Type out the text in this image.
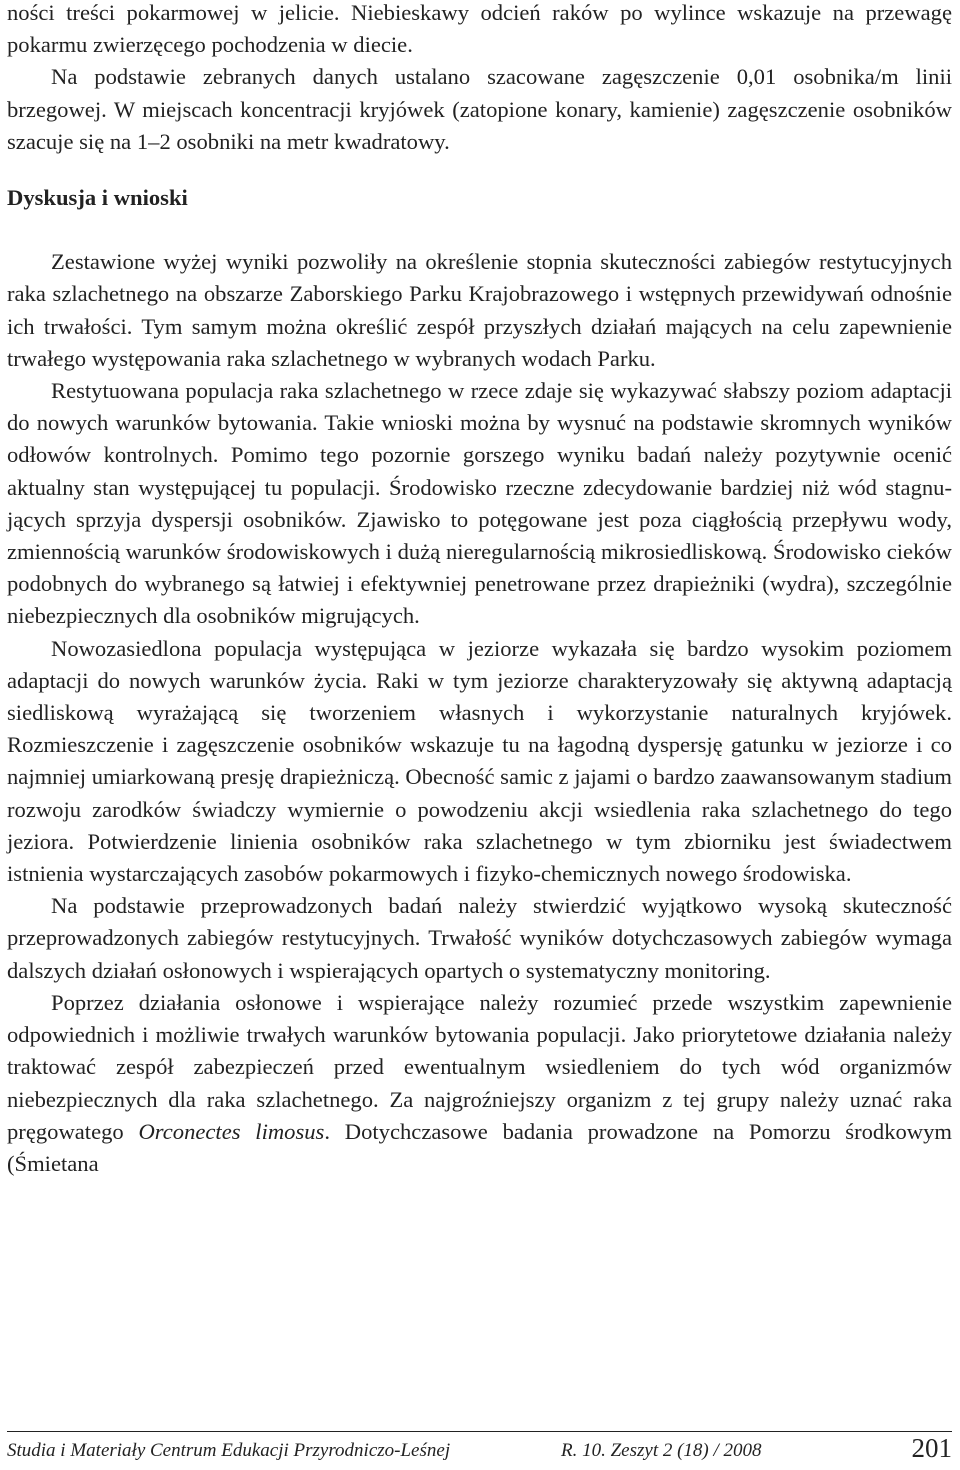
ności treści pokarmowej w jelicie. Niebieskawy odcień raków po wylince wskazuje na przewagę pokarmu zwierzęcego pochodzenia w diecie.

Na podstawie zebranych danych ustalano szacowane zagęszczenie 0,01 osobnika/m linii brzegowej. W miejscach koncentracji kryjówek (zatopione konary, kamienie) zagęszczenie osobników szacuje się na 1–2 osobniki na metr kwadratowy.

Dyskusja i wnioski

Zestawione wyżej wyniki pozwoliły na określenie stopnia skuteczności zabiegów restytucyjnych raka szlachetnego na obszarze Zaborskiego Parku Krajobrazowego i wstępnych przewidywań odnośnie ich trwałości. Tym samym można określić zespół przyszłych działań mających na celu zapewnienie trwałego występowania raka szlachetnego w wybranych wodach Parku.

Restytuowana populacja raka szlachetnego w rzece zdaje się wykazywać słabszy poziom adaptacji do nowych warunków bytowania. Takie wnioski można by wysnuć na podstawie skromnych wyników odłowów kontrolnych. Pomimo tego pozornie gorszego wyniku badań należy pozytywnie ocenić aktualny stan występującej tu populacji. Środowisko rzeczne zdecydowanie bardziej niż wód stagnujących sprzyja dyspersji osobników. Zjawisko to potęgowane jest poza ciągłością przepływu wody, zmiennością warunków środowiskowych i dużą nieregularnością mikrosiedliskową. Środowisko cieków podobnych do wybranego są łatwiej i efektywniej penetrowane przez drapieżniki (wydra), szczególnie niebezpiecznych dla osobników migrujących.

Nowozasiedlona populacja występująca w jeziorze wykazała się bardzo wysokim poziomem adaptacji do nowych warunków życia. Raki w tym jeziorze charakteryzowały się aktywną adaptacją siedliskową wyrażającą się tworzeniem własnych i wykorzystanie naturalnych kryjówek. Rozmieszczenie i zagęszczenie osobników wskazuje tu na łagodną dyspersję gatunku w jeziorze i co najmniej umiarkowaną presję drapieżniczą. Obecność samic z jajami o bardzo zaawansowanym stadium rozwoju zarodków świadczy wymiernie o powodzeniu akcji wsiedlenia raka szlachetnego do tego jeziora. Potwierdzenie linienia osobników raka szlachetnego w tym zbiorniku jest świadectwem istnienia wystarczających zasobów pokarmowych i fizyko-chemicznych nowego środowiska.

Na podstawie przeprowadzonych badań należy stwierdzić wyjątkowo wysoką skuteczność przeprowadzonych zabiegów restytucyjnych. Trwałość wyników dotychczasowych zabiegów wymaga dalszych działań osłonowych i wspierających opartych o systematyczny monitoring.

Poprzez działania osłonowe i wspierające należy rozumieć przede wszystkim zapewnienie odpowiednich i możliwie trwałych warunków bytowania populacji. Jako priorytetowe działania należy traktować zespół zabezpieczeń przed ewentualnym wsiedleniem do tych wód organizmów niebezpiecznych dla raka szlachetnego. Za najgroźniejszy organizm z tej grupy należy uznać raka pręgowatego Orconectes limosus. Dotychczasowe badania prowadzone na Pomorzu środkowym (Śmietana

Studia i Materiały Centrum Edukacji Przyrodniczo-Leśnej	R. 10. Zeszyt 2 (18) / 2008	201
